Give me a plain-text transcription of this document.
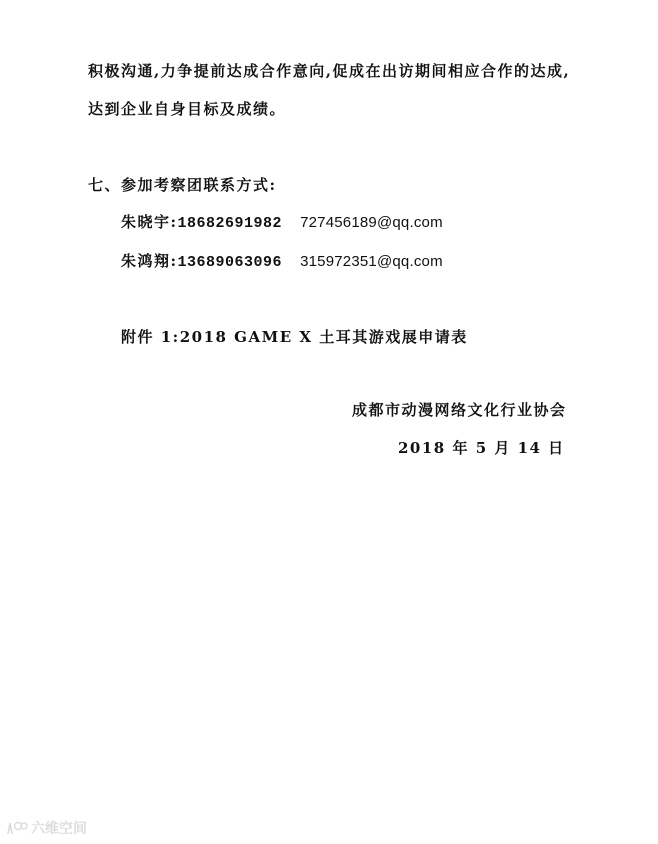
积极沟通,力争提前达成合作意向,促成在出访期间相应合作的达成,
达到企业自身目标及成绩。
七、参加考察团联系方式:
朱晓宇:18682691982 727456189@qq.com
朱鸿翔:13689063096 315972351@qq.com
附件 1:2018 GAME X 土耳其游戏展申请表
成都市动漫网络文化行业协会
2018 年 5 月 14 日
六维空间
